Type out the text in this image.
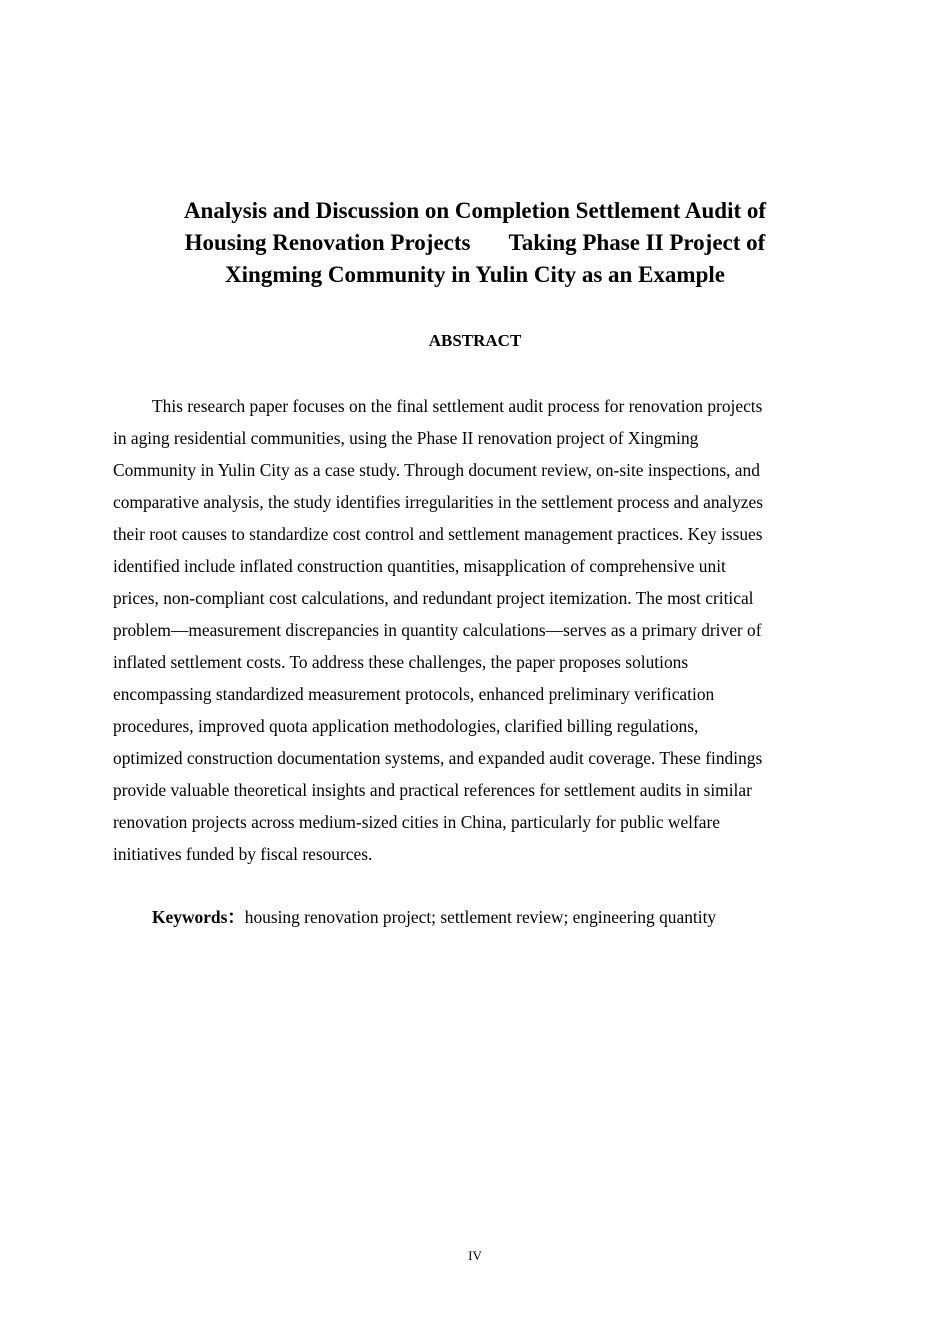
Analysis and Discussion on Completion Settlement Audit of
Housing Renovation Projects Taking Phase II Project of
Xingming Community in Yulin City as an Example
ABSTRACT

This research paper focuses on the final settlement audit process for renovation projects
in aging residential communities, using the Phase II renovation project of Xingming
Community in Yulin City as a case study. Through document review, on-site inspections, and
comparative analysis, the study identifies irregularities in the settlement process and analyzes
their root causes to standardize cost control and settlement management practices. Key issues
identified include inflated construction quantities, misapplication of comprehensive unit
prices, non-compliant cost calculations, and redundant project itemization. The most critical
problem—measurement discrepancies in quantity calculations—serves as a primary driver of
inflated settlement costs. To address these challenges, the paper proposes solutions
encompassing standardized measurement protocols, enhanced preliminary verification
procedures, improved quota application methodologies, clarified billing regulations,
optimized construction documentation systems, and expanded audit coverage. These findings
provide valuable theoretical insights and practical references for settlement audits in similar
renovation projects across medium-sized cities in China, particularly for public welfare
initiatives funded by fiscal resources.

Keywords：housing renovation project; settlement review; engineering quantity

IV
